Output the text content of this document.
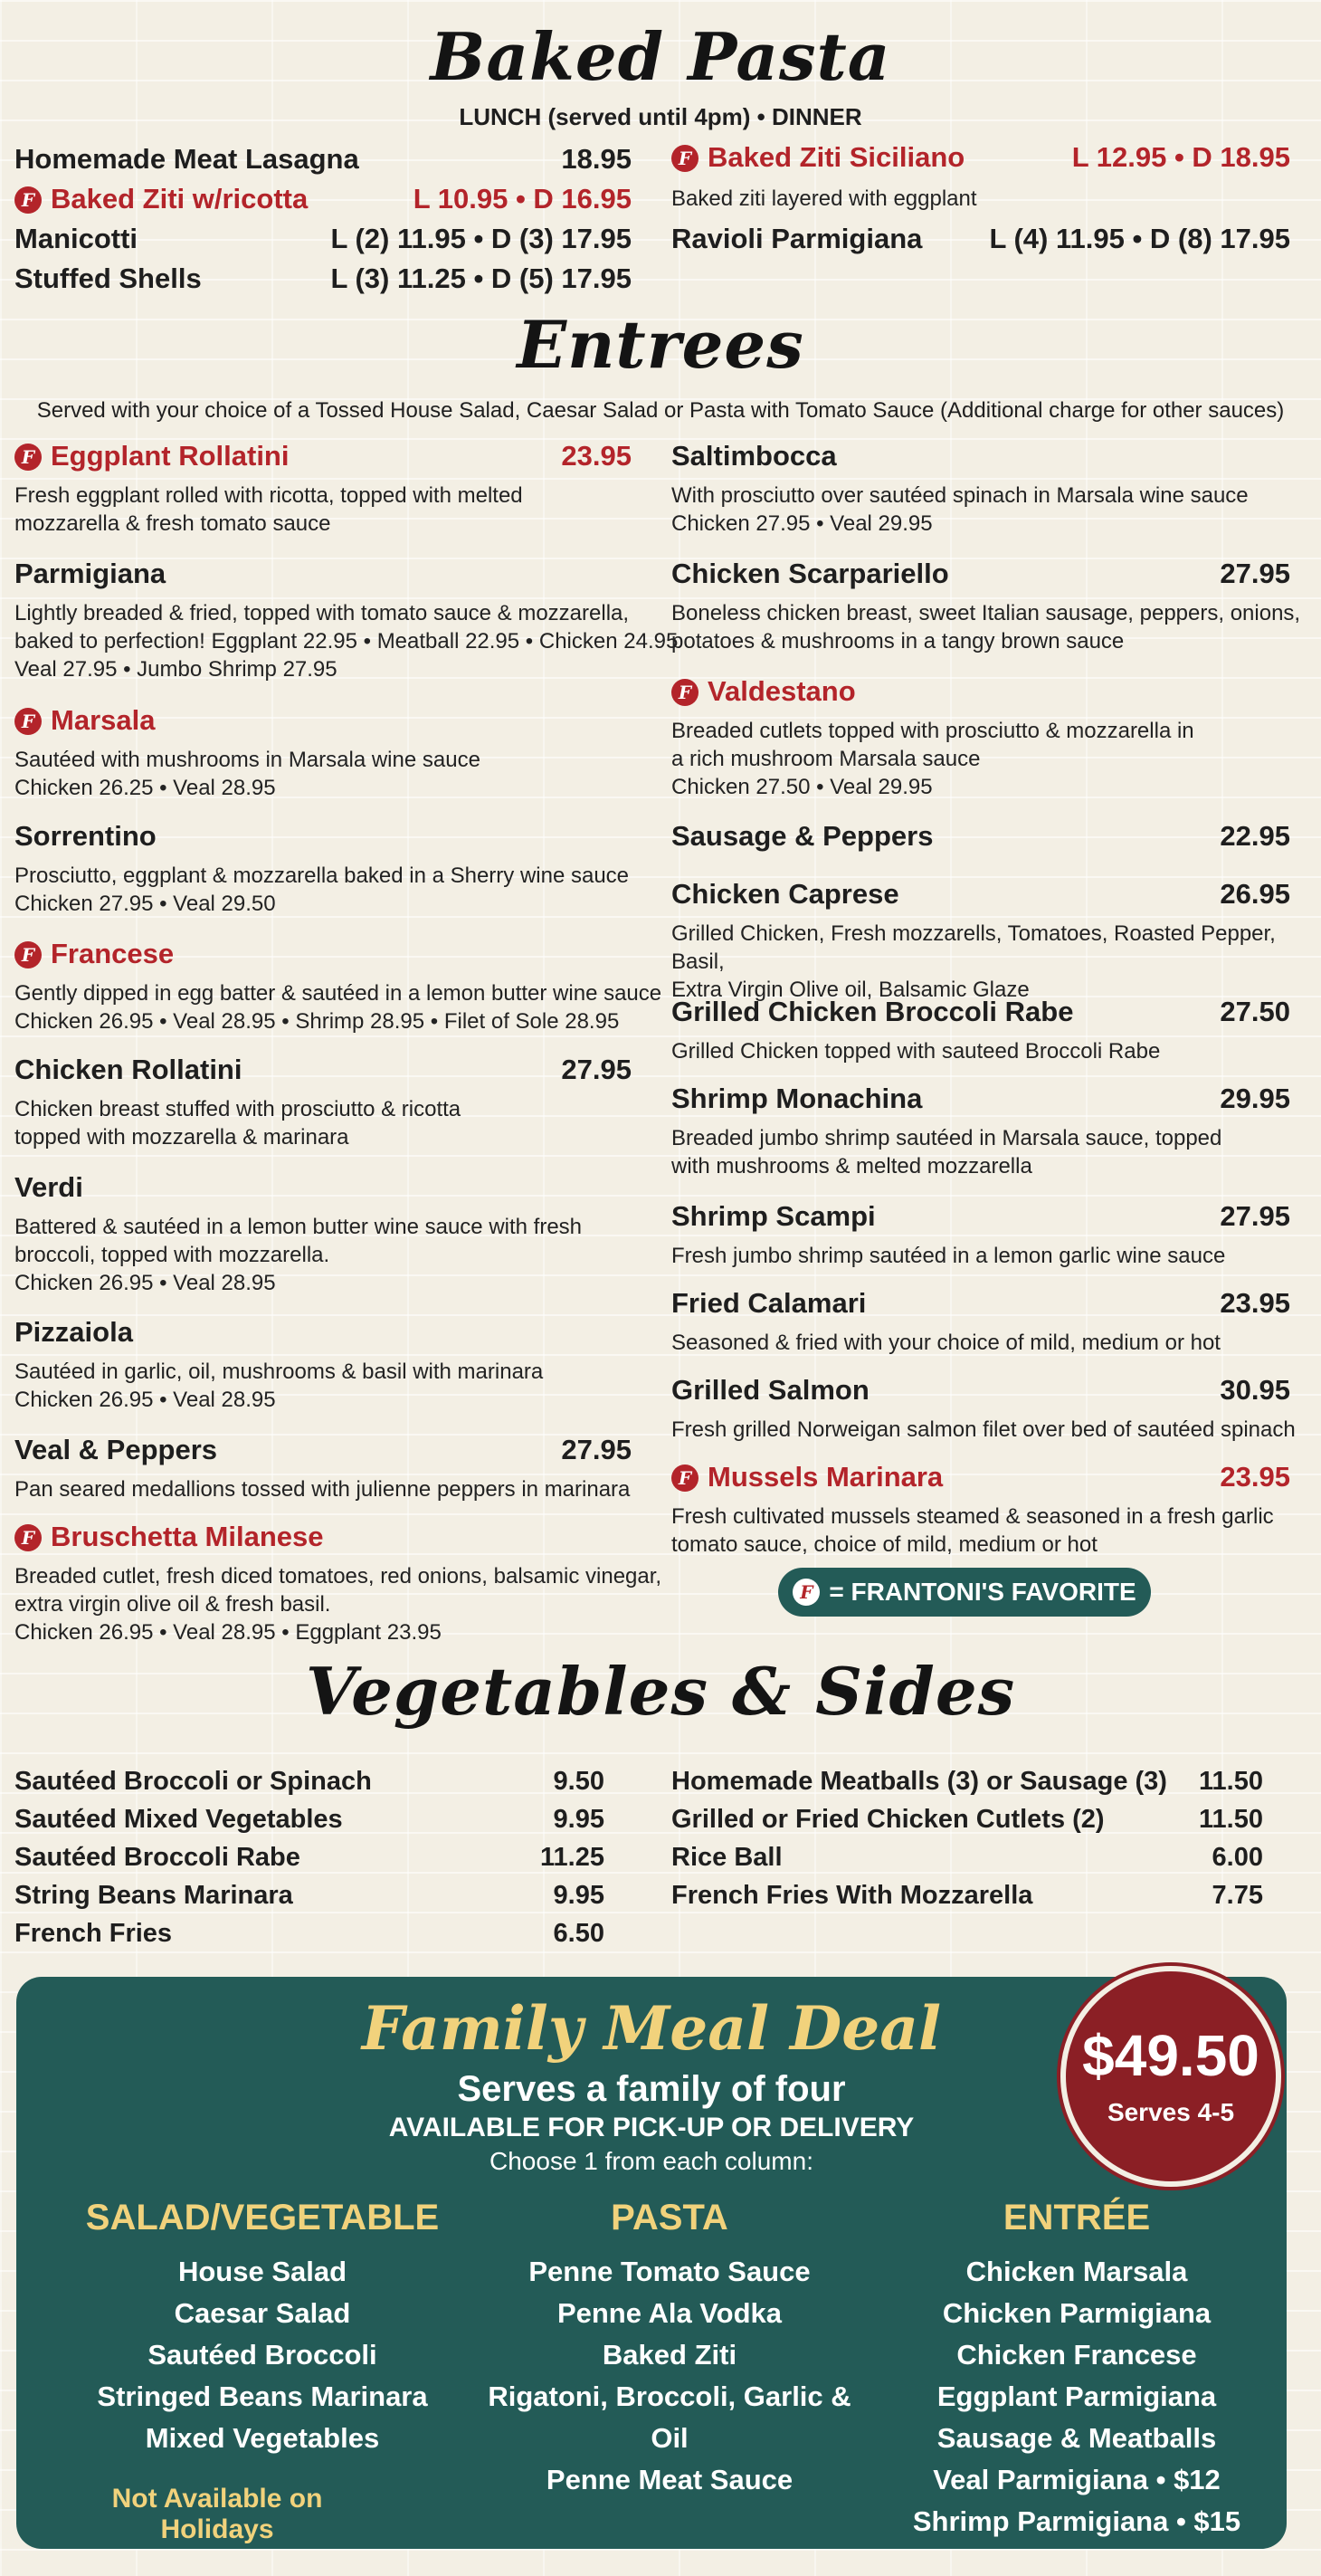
Baked Pasta
LUNCH (served until 4pm) • DINNER
Homemade Meat Lasagna	18.95
F Baked Ziti w/ricotta	L 10.95 • D 16.95
Manicotti	L (2) 11.95 • D (3) 17.95
Stuffed Shells	L (3) 11.25 • D (5) 17.95
F Baked Ziti Siciliano	L 12.95 • D 18.95
Baked ziti layered with eggplant
Ravioli Parmigiana L (4) 11.95 • D (8) 17.95
Entrees
Served with your choice of a Tossed House Salad, Caesar Salad or Pasta with Tomato Sauce (Additional charge for other sauces)
F Eggplant Rollatini	23.95
Fresh eggplant rolled with ricotta, topped with melted
mozzarella & fresh tomato sauce
Parmigiana
Lightly breaded & fried, topped with tomato sauce & mozzarella,
baked to perfection! Eggplant 22.95 • Meatball 22.95 • Chicken 24.95
Veal 27.95 • Jumbo Shrimp 27.95
F Marsala
Sautéed with mushrooms in Marsala wine sauce
Chicken 26.25 • Veal 28.95
Sorrentino
Prosciutto, eggplant & mozzarella baked in a Sherry wine sauce
Chicken 27.95 • Veal 29.50
F Francese
Gently dipped in egg batter & sautéed in a lemon butter wine sauce
Chicken 26.95 • Veal 28.95 • Shrimp 28.95 • Filet of Sole 28.95
Chicken Rollatini	27.95
Chicken breast stuffed with prosciutto & ricotta
topped with mozzarella & marinara
Verdi
Battered & sautéed in a lemon butter wine sauce with fresh
broccoli, topped with mozzarella.
Chicken 26.95 • Veal 28.95
Pizzaiola
Sautéed in garlic, oil, mushrooms & basil with marinara
Chicken 26.95 • Veal 28.95
Veal & Peppers	27.95
Pan seared medallions tossed with julienne peppers in marinara
F Bruschetta Milanese
Breaded cutlet, fresh diced tomatoes, red onions, balsamic vinegar,
extra virgin olive oil & fresh basil.
Chicken 26.95 • Veal 28.95 • Eggplant 23.95
Saltimbocca
With prosciutto over sautéed spinach in Marsala wine sauce
Chicken 27.95 • Veal 29.95
Chicken Scarpariello	27.95
Boneless chicken breast, sweet Italian sausage, peppers, onions,
potatoes & mushrooms in a tangy brown sauce
F Valdestano
Breaded cutlets topped with prosciutto & mozzarella in
a rich mushroom Marsala sauce
Chicken 27.50 • Veal 29.95
Sausage & Peppers	22.95
Chicken Caprese	26.95
Grilled Chicken, Fresh mozzarells, Tomatoes, Roasted Pepper, Basil,
Extra Virgin Olive oil, Balsamic Glaze
Grilled Chicken Broccoli Rabe	27.50
Grilled Chicken topped with sauteed Broccoli Rabe
Shrimp Monachina	29.95
Breaded jumbo shrimp sautéed in Marsala sauce, topped
with mushrooms & melted mozzarella
Shrimp Scampi	27.95
Fresh jumbo shrimp sautéed in a lemon garlic wine sauce
Fried Calamari	23.95
Seasoned & fried with your choice of mild, medium or hot
Grilled Salmon	30.95
Fresh grilled Norweigan salmon filet over bed of sautéed spinach
F Mussels Marinara	23.95
Fresh cultivated mussels steamed & seasoned in a fresh garlic
tomato sauce, choice of mild, medium or hot
F = FRANTONI'S FAVORITE
Vegetables & Sides
Sautéed Broccoli or Spinach	9.50
Sautéed Mixed Vegetables	9.95
Sautéed Broccoli Rabe	11.25
String Beans Marinara	9.95
French Fries	6.50
Homemade Meatballs (3) or Sausage (3) 11.50
Grilled or Fried Chicken Cutlets (2)	11.50
Rice Ball	6.00
French Fries With Mozzarella	7.75
Family Meal Deal
Serves a family of four
AVAILABLE FOR PICK-UP OR DELIVERY
Choose 1 from each column:
SALAD/VEGETABLE
House Salad
Caesar Salad
Sautéed Broccoli
Stringed Beans Marinara
Mixed Vegetables
PASTA
Penne Tomato Sauce
Penne Ala Vodka
Baked Ziti
Rigatoni, Broccoli, Garlic & Oil
Penne Meat Sauce
ENTRÉE
Chicken Marsala
Chicken Parmigiana
Chicken Francese
Eggplant Parmigiana
Sausage & Meatballs
Veal Parmigiana • $12
Shrimp Parmigiana • $15
Not Available on Holidays
$49.50
Serves 4-5
